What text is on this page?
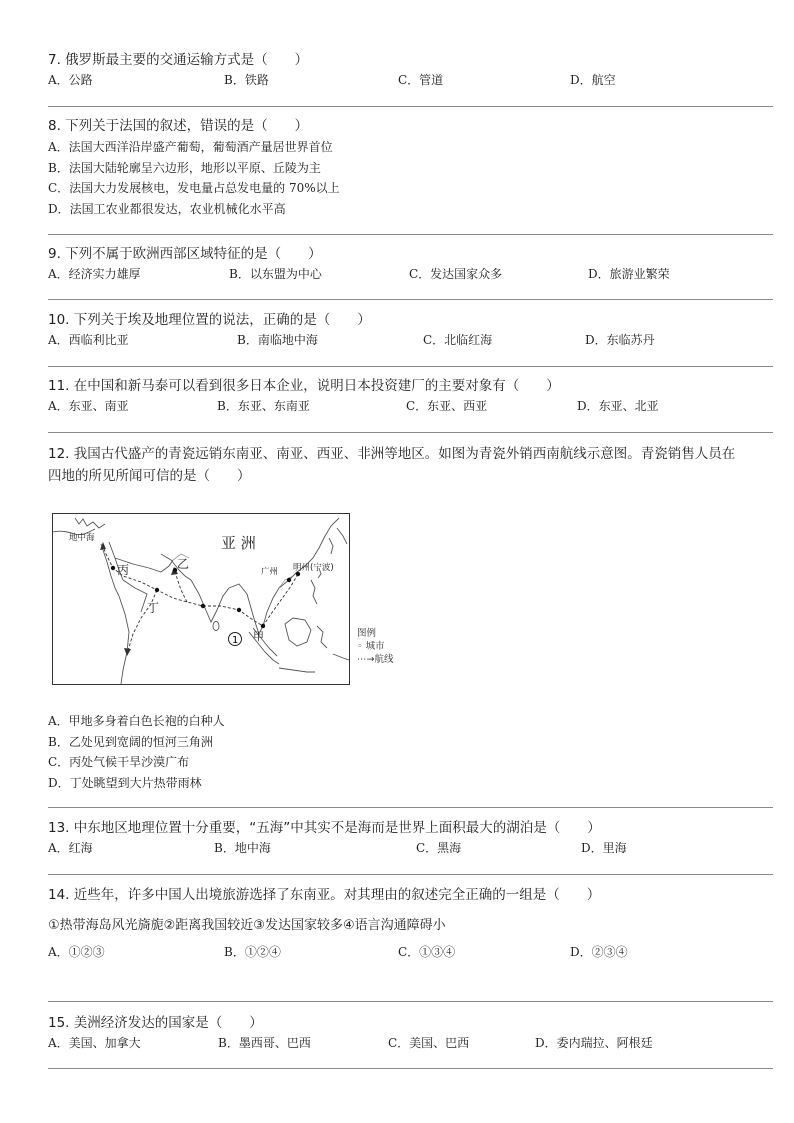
7. 俄罗斯最主要的交通运输方式是（　　）
A．公路	B．铁路	C．管道	D．航空
8. 下列关于法国的叙述，错误的是（　　）
A．法国大西洋沿岸盛产葡萄，葡萄酒产量居世界首位
B．法国大陆轮廓呈六边形，地形以平原、丘陵为主
C．法国大力发展核电，发电量占总发电量的 70%以上
D．法国工农业都很发达，农业机械化水平高
9. 下列不属于欧洲西部区域特征的是（　　）
A．经济实力雄厚	B．以东盟为中心	C．发达国家众多	D．旅游业繁荣
10. 下列关于埃及地理位置的说法，正确的是（　　）
A．西临利比亚	B．南临地中海	C．北临红海	D．东临苏丹
11. 在中国和新马泰可以看到很多日本企业，说明日本投资建厂的主要对象有（　　）
A．东亚、南亚	B．东亚、东南亚	C．东亚、西亚	D．东亚、北亚
12. 我国古代盛产的青瓷远销东南亚、南亚、西亚、非洲等地区。如图为青瓷外销西南航线示意图。青瓷销售人员在四地的所见所闻可信的是（　　）
亚 洲
地中海
丙	乙
丁
甲
广州 明州(宁波)
1
图例
◦ 城市
⋯→航线
A．甲地多身着白色长袍的白种人
B．乙处见到宽阔的恒河三角洲
C．丙处气候干旱沙漠广布
D．丁处眺望到大片热带雨林
13. 中东地区地理位置十分重要，“五海”中其实不是海而是世界上面积最大的湖泊是（　　）
A．红海	B．地中海	C．黑海	D．里海
14. 近些年，许多中国人出境旅游选择了东南亚。对其理由的叙述完全正确的一组是（　　）
①热带海岛风光旖旎②距离我国较近③发达国家较多④语言沟通障碍小
A．①②③	B．①②④	C．①③④	D．②③④
15. 美洲经济发达的国家是（　　）
A．美国、加拿大	B．墨西哥、巴西	C．美国、巴西	D．委内瑞拉、阿根廷
